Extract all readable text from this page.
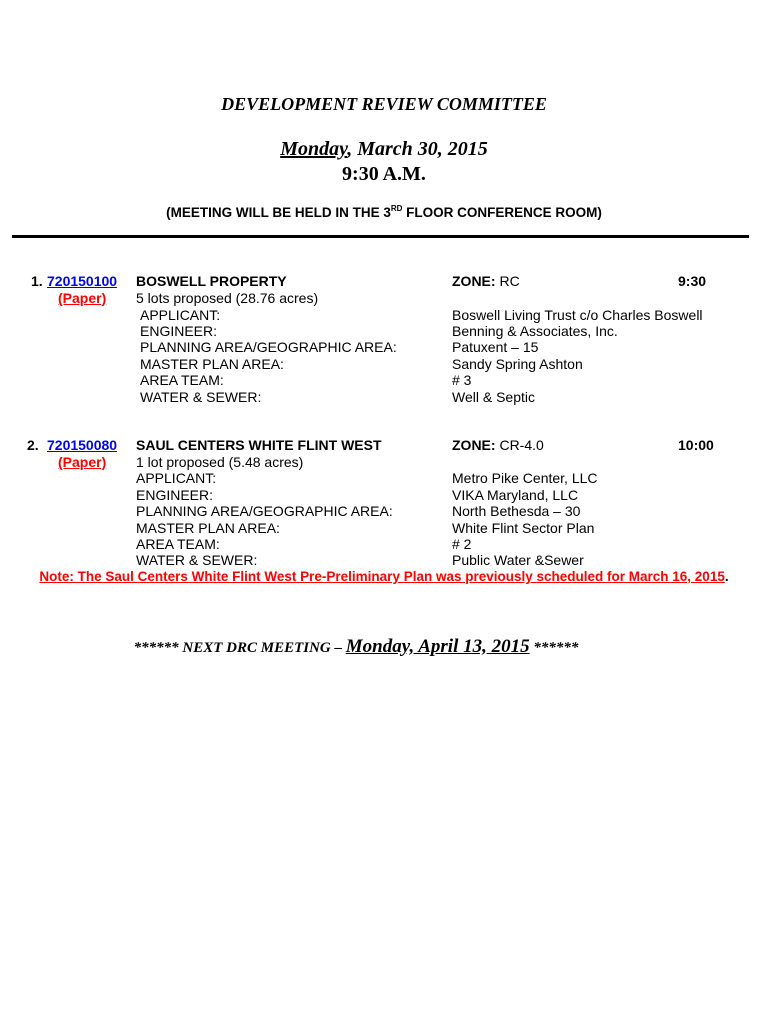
DEVELOPMENT REVIEW COMMITTEE
Monday, March 30, 2015
9:30 A.M.
(MEETING WILL BE HELD IN THE 3RD FLOOR CONFERENCE ROOM)
1. 720150100
(Paper)
BOSWELL PROPERTY	ZONE: RC	9:30
5 lots proposed (28.76 acres)
APPLICANT:	Boswell Living Trust c/o Charles Boswell
ENGINEER:	Benning & Associates, Inc.
PLANNING AREA/GEOGRAPHIC AREA:	Patuxent – 15
MASTER PLAN AREA:	Sandy Spring Ashton
AREA TEAM:	# 3
WATER & SEWER:	Well & Septic
2. 720150080
(Paper)
SAUL CENTERS WHITE FLINT WEST	ZONE: CR-4.0	10:00
1 lot proposed (5.48 acres)
APPLICANT:	Metro Pike Center, LLC
ENGINEER:	VIKA Maryland, LLC
PLANNING AREA/GEOGRAPHIC AREA:	North Bethesda – 30
MASTER PLAN AREA:	White Flint Sector Plan
AREA TEAM:	# 2
WATER & SEWER:	Public Water &Sewer
Note: The Saul Centers White Flint West Pre-Preliminary Plan was previously scheduled for March 16, 2015.
****** NEXT DRC MEETING – Monday, April 13, 2015 ******
